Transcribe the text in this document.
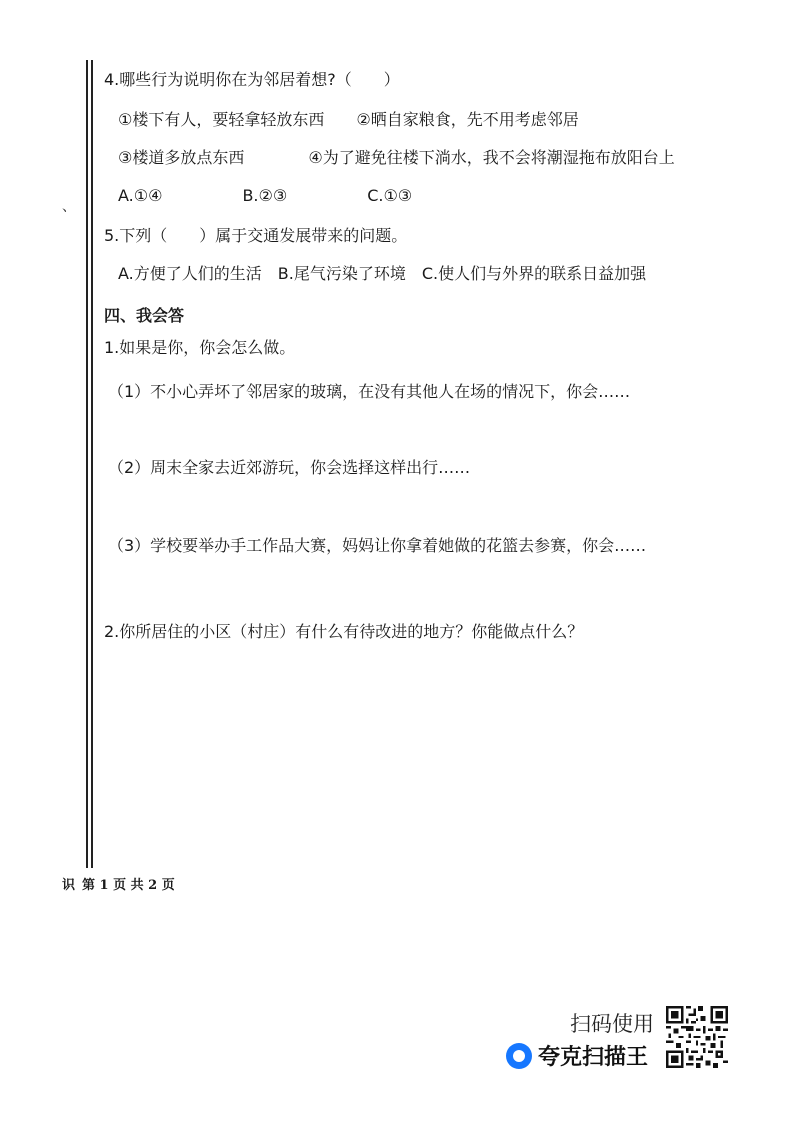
、
4.哪些行为说明你在为邻居着想?（　　）
①楼下有人，要轻拿轻放东西　　②晒自家粮食，先不用考虑邻居
③楼道多放点东西　　　　④为了避免往楼下淌水，我不会将潮湿拖布放阳台上
A.①④　　　　　B.②③　　　　　C.①③
5.下列（　　）属于交通发展带来的问题。
A.方便了人们的生活　B.尾气污染了环境　C.使人们与外界的联系日益加强
四、我会答
1.如果是你，你会怎么做。
（1）不小心弄坏了邻居家的玻璃，在没有其他人在场的情况下，你会……
（2）周末全家去近郊游玩，你会选择这样出行……
（3）学校要举办手工作品大赛，妈妈让你拿着她做的花篮去参赛，你会……
2.你所居住的小区（村庄）有什么有待改进的地方？你能做点什么？
识 第 1 页 共 2 页
扫码使用
夸克扫描王
